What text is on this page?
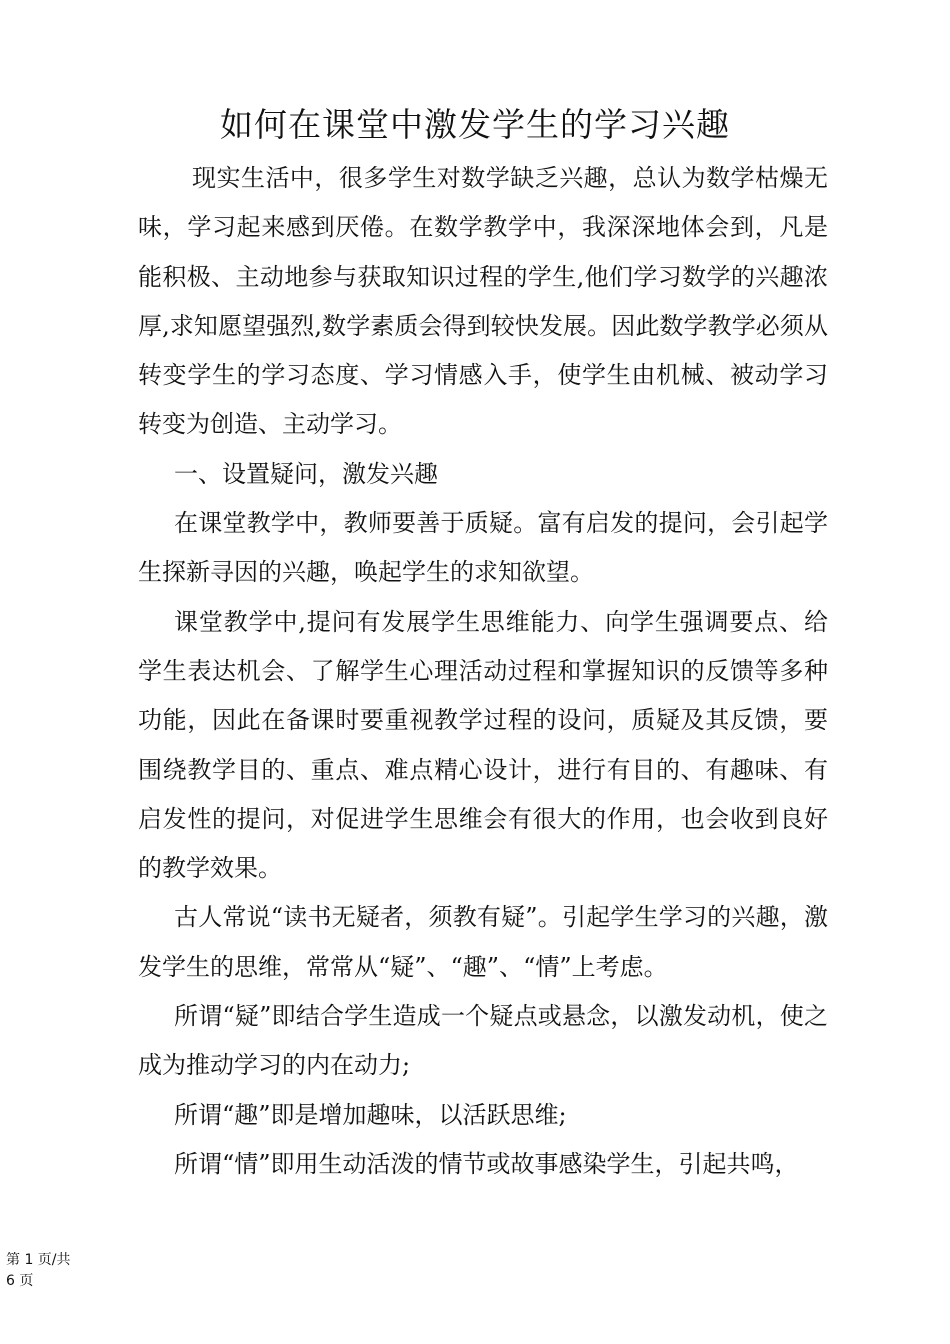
如何在课堂中激发学生的学习兴趣

现实生活中，很多学生对数学缺乏兴趣，总认为数学枯燥无味，学习起来感到厌倦。在数学教学中，我深深地体会到，凡是能积极、主动地参与获取知识过程的学生,他们学习数学的兴趣浓厚,求知愿望强烈,数学素质会得到较快发展。因此数学教学必须从转变学生的学习态度、学习情感入手，使学生由机械、被动学习转变为创造、主动学习。

一、设置疑问，激发兴趣

在课堂教学中，教师要善于质疑。富有启发的提问，会引起学生探新寻因的兴趣，唤起学生的求知欲望。

课堂教学中,提问有发展学生思维能力、向学生强调要点、给学生表达机会、了解学生心理活动过程和掌握知识的反馈等多种功能，因此在备课时要重视教学过程的设问，质疑及其反馈，要围绕教学目的、重点、难点精心设计，进行有目的、有趣味、有启发性的提问，对促进学生思维会有很大的作用，也会收到良好的教学效果。

古人常说“读书无疑者，须教有疑”。引起学生学习的兴趣，激发学生的思维，常常从“疑”、“趣”、“情”上考虑。

所谓“疑”即结合学生造成一个疑点或悬念，以激发动机，使之成为推动学习的内在动力;

所谓“趣”即是增加趣味，以活跃思维;

所谓“情”即用生动活泼的情节或故事感染学生，引起共鸣，

第 1 页/共
6 页
